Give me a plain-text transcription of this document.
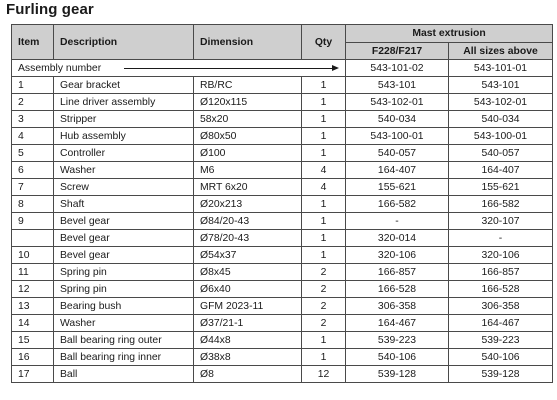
Furling gear
Item	Description	Dimension	Qty	Mast extrusion	
				F228/F217	All sizes above

Assembly number				543-101-02	543-101-01
1	Gear bracket	RB/RC	1	543-101	543-101
2	Line driver assembly	Ø120x115	1	543-102-01	543-102-01
3	Stripper	58x20	1	540-034	540-034
4	Hub assembly	Ø80x50	1	543-100-01	543-100-01
5	Controller	Ø100	1	540-057	540-057
6	Washer	M6	4	164-407	164-407
7	Screw	MRT 6x20	4	155-621	155-621
8	Shaft	Ø20x213	1	166-582	166-582
9	Bevel gear	Ø84/20-43	1	-	320-107
	Bevel gear	Ø78/20-43	1	320-014	-
10	Bevel gear	Ø54x37	1	320-106	320-106
11	Spring pin	Ø8x45	2	166-857	166-857
12	Spring pin	Ø6x40	2	166-528	166-528
13	Bearing bush	GFM 2023-11	2	306-358	306-358
14	Washer	Ø37/21-1	2	164-467	164-467
15	Ball bearing ring outer	Ø44x8	1	539-223	539-223
16	Ball bearing ring inner	Ø38x8	1	540-106	540-106
17	Ball	Ø8	12	539-128	539-128
